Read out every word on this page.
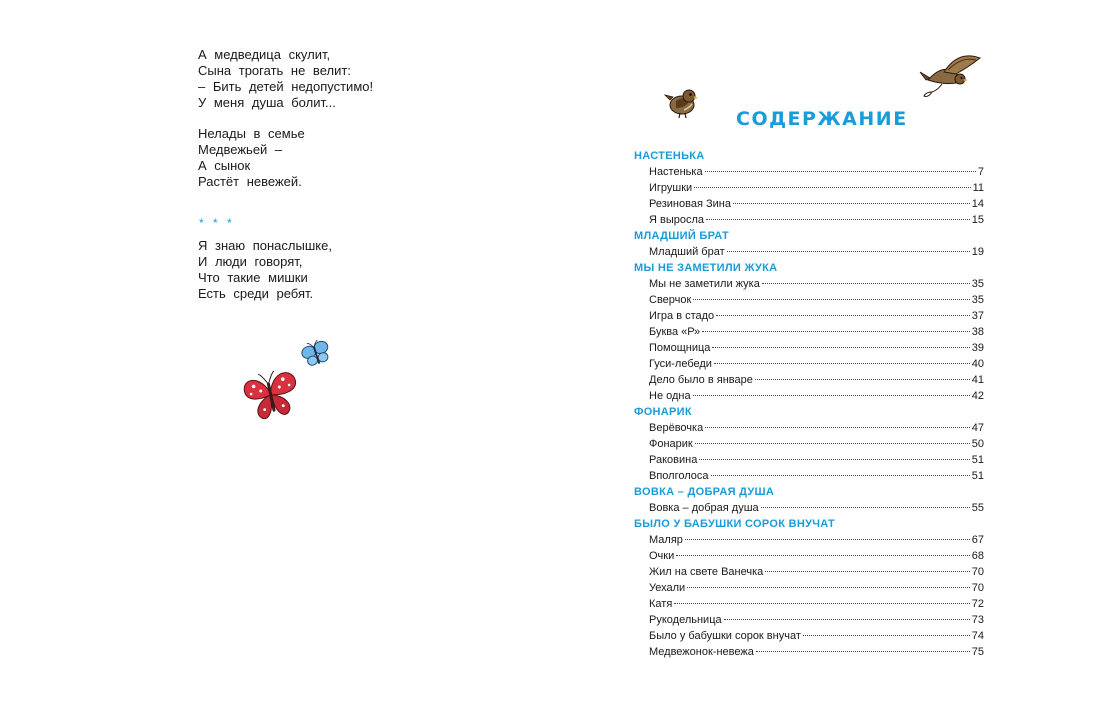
А медведица скулит,
Сына трогать не велит:
– Бить детей недопустимо!
У меня душа болит...
Нелады в семье
Медвежьей –
А сынок
Растёт невежей.
* * *
Я знаю понаслышке,
И люди говорят,
Что такие мишки
Есть среди ребят.
СОДЕРЖАНИЕ
НАСТЕНЬКА
Настенька	7
Игрушки	11
Резиновая Зина	14
Я выросла	15
МЛАДШИЙ БРАТ
Младший брат	19
МЫ НЕ ЗАМЕТИЛИ ЖУКА
Мы не заметили жука	35
Сверчок	35
Игра в стадо	37
Буква «Р»	38
Помощница	39
Гуси-лебеди	40
Дело было в январе	41
Не одна	42
ФОНАРИК
Верёвочка	47
Фонарик	50
Раковина	51
Вполголоса	51
ВОВКА – ДОБРАЯ ДУША
Вовка – добрая душа	55
БЫЛО У БАБУШКИ СОРОК ВНУЧАТ
Маляр	67
Очки	68
Жил на свете Ванечка	70
Уехали	70
Катя	72
Рукодельница	73
Было у бабушки сорок внучат	74
Медвежонок-невежа	75
